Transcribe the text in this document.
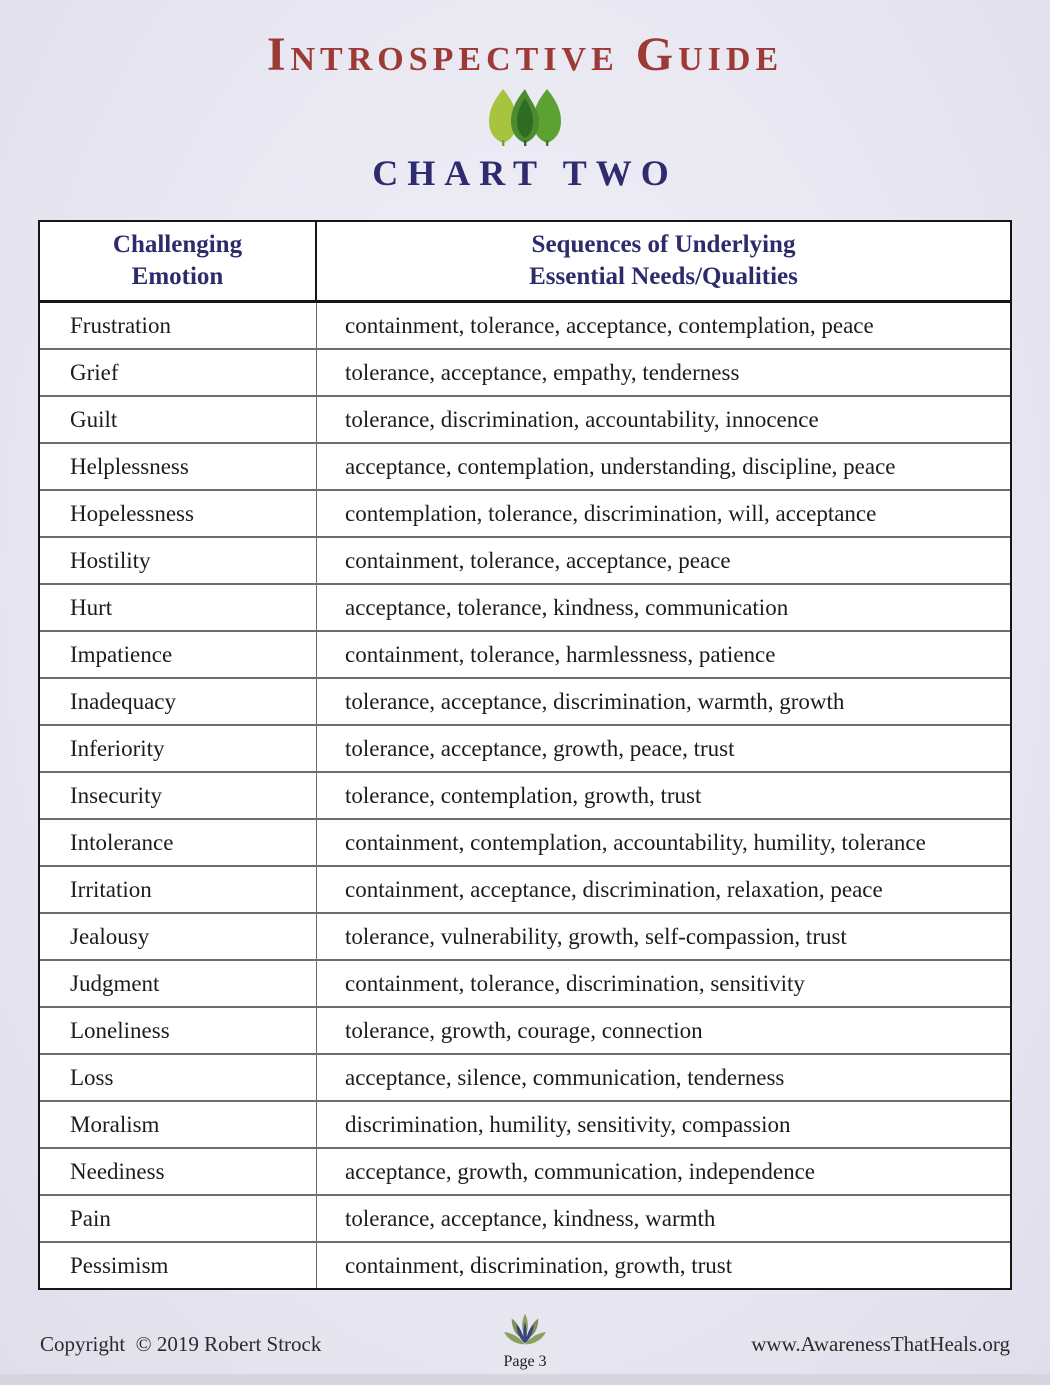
Introspective Guide
CHART TWO
Challenging
Emotion
Sequences of Underlying
Essential Needs/Qualities
Frustration	containment, tolerance, acceptance, contemplation, peace
Grief	tolerance, acceptance, empathy, tenderness
Guilt	tolerance, discrimination, accountability, innocence
Helplessness	acceptance, contemplation, understanding, discipline, peace
Hopelessness	contemplation, tolerance, discrimination, will, acceptance
Hostility	containment, tolerance, acceptance, peace
Hurt	acceptance, tolerance, kindness, communication
Impatience	containment, tolerance, harmlessness, patience
Inadequacy	tolerance, acceptance, discrimination, warmth, growth
Inferiority	tolerance, acceptance, growth, peace, trust
Insecurity	tolerance, contemplation, growth, trust
Intolerance	containment, contemplation, accountability, humility, tolerance
Irritation	containment, acceptance, discrimination, relaxation, peace
Jealousy	tolerance, vulnerability, growth, self-compassion, trust
Judgment	containment, tolerance, discrimination, sensitivity
Loneliness	tolerance, growth, courage, connection
Loss	acceptance, silence, communication, tenderness
Moralism	discrimination, humility, sensitivity, compassion
Neediness	acceptance, growth, communication, independence
Pain	tolerance, acceptance, kindness, warmth
Pessimism	containment, discrimination, growth, trust
Copyright  © 2019 Robert Strock
Page 3
www.AwarenessThatHeals.org
